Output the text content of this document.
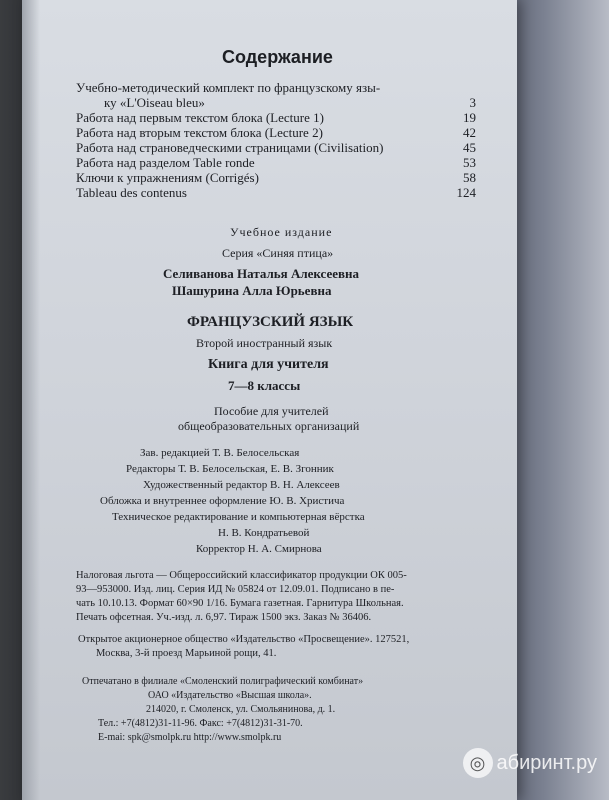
Содержание
Учебно-методический комплект по французскому язы-
ку «L'Oiseau bleu»	3
Работа над первым текстом блока (Lecture 1)	19
Работа над вторым текстом блока (Lecture 2)	42
Работа над страноведческими страницами (Civilisation)	45
Работа над разделом Table ronde	53
Ключи к упражнениям (Corrigés)	58
Tableau des contenus	124
Учебное издание
Серия «Синяя птица»
Селиванова Наталья Алексеевна
Шашурина Алла Юрьевна
ФРАНЦУЗСКИЙ ЯЗЫК
Второй иностранный язык
Книга для учителя
7—8 классы
Пособие для учителей
общеобразовательных организаций
Зав. редакцией Т. В. Белосельская
Редакторы Т. В. Белосельская, Е. В. Згонник
Художественный редактор В. Н. Алексеев
Обложка и внутреннее оформление Ю. В. Христича
Техническое редактирование и компьютерная вёрстка
Н. В. Кондратьевой
Корректор Н. А. Смирнова
Налоговая льгота — Общероссийский классификатор продукции ОК 005-
93—953000. Изд. лиц. Серия ИД № 05824 от 12.09.01. Подписано в пе-
чать 10.10.13. Формат 60×90 1/16. Бумага газетная. Гарнитура Школьная.
Печать офсетная. Уч.-изд. л. 6,97. Тираж 1500 экз. Заказ № 36406.
Открытое акционерное общество «Издательство «Просвещение». 127521,
Москва, 3-й проезд Марьиной рощи, 41.
Отпечатано в филиале «Смоленский полиграфический комбинат»
ОАО «Издательство «Высшая школа».
214020, г. Смоленск, ул. Смольянинова, д. 1.
Тел.: +7(4812)31-11-96. Факс: +7(4812)31-31-70.
E-mai: spk@smolpk.ru http://www.smolpk.ru
◎ абиринт.ру
